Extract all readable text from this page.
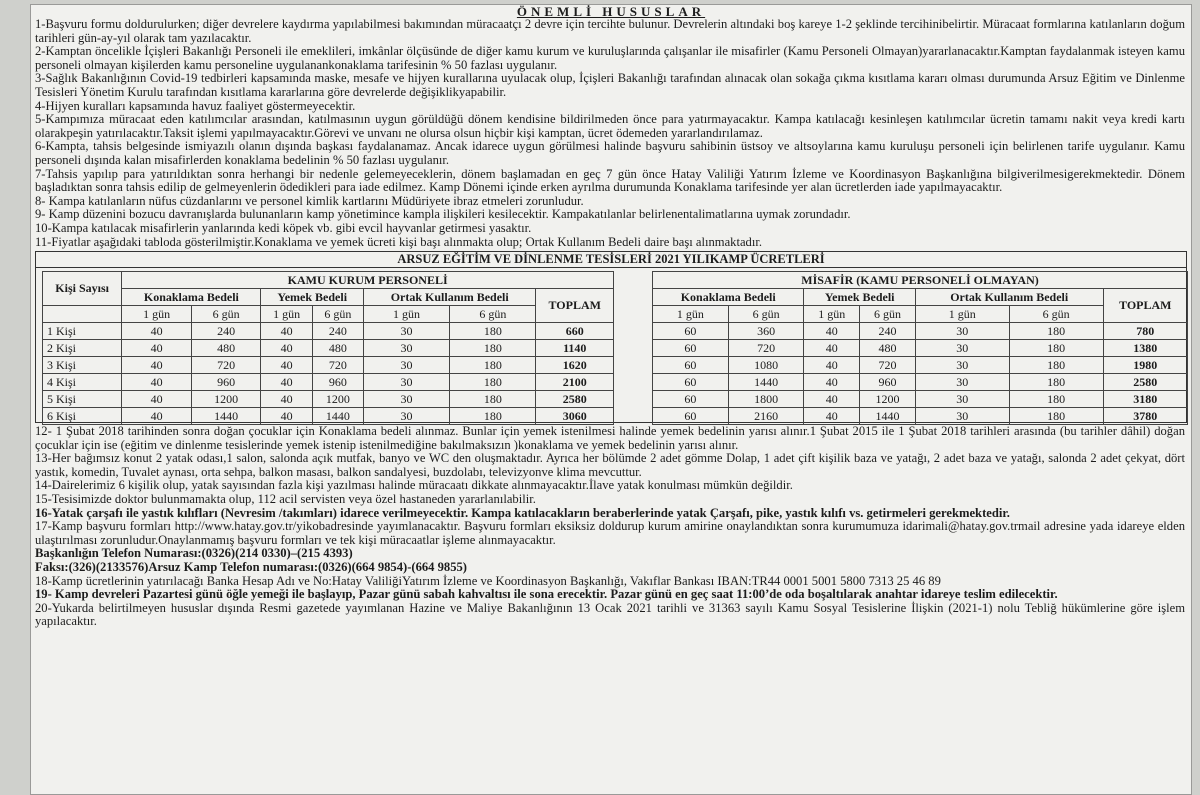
ÖNEMLİ HUSUSLAR
1-Başvuru formu doldurulurken; diğer devrelere kaydırma yapılabilmesi bakımından müracaatçı 2 devre için tercihte bulunur. Devrelerin altındaki boş kareye 1-2 şeklinde tercihinibelirtir. Müracaat formlarına katılanların doğum tarihleri gün-ay-yıl olarak tam yazılacaktır.
2-Kamptan öncelikle İçişleri Bakanlığı Personeli ile emeklileri, imkânlar ölçüsünde de diğer kamu kurum ve kuruluşlarında çalışanlar ile misafirler (Kamu Personeli Olmayan)yararlanacaktır.Kamptan faydalanmak isteyen kamu personeli olmayan kişilerden kamu personeline uygulanankonaklama tarifesinin % 50 fazlası uygulanır.
3-Sağlık Bakanlığının Covid-19 tedbirleri kapsamında maske, mesafe ve hijyen kurallarına uyulacak olup, İçişleri Bakanlığı tarafından alınacak olan sokağa çıkma kısıtlama kararı olması durumunda Arsuz Eğitim ve Dinlenme Tesisleri Yönetim Kurulu tarafından kısıtlama kararlarına göre devrelerde değişiklikyapabilir.
4-Hijyen kuralları kapsamında havuz faaliyet göstermeyecektir.
5-Kampımıza müracaat eden katılımcılar arasından, katılmasının uygun görüldüğü dönem kendisine bildirilmeden önce para yatırmayacaktır. Kampa katılacağı kesinleşen katılımcılar ücretin tamamı nakit veya kredi kartı olarakpeşin yatırılacaktır.Taksit işlemi yapılmayacaktır.Görevi ve unvanı ne olursa olsun hiçbir kişi kamptan, ücret ödemeden yararlandırılamaz.
6-Kampta, tahsis belgesinde ismiyazılı olanın dışında başkası faydalanamaz. Ancak idarece uygun görülmesi halinde başvuru sahibinin üstsoy ve altsoylarına kamu kuruluşu personeli için belirlenen tarife uygulanır. Kamu personeli dışında kalan misafirlerden konaklama bedelinin % 50 fazlası uygulanır.
7-Tahsis yapılıp para yatırıldıktan sonra herhangi bir nedenle gelemeyeceklerin, dönem başlamadan en geç 7 gün önce Hatay Valiliği Yatırım İzleme ve Koordinasyon Başkanlığına bilgiverilmesigerekmektedir. Dönem başladıktan sonra tahsis edilip de gelmeyenlerin ödedikleri para iade edilmez. Kamp Dönemi içinde erken ayrılma durumunda Konaklama tarifesinde yer alan ücretlerden iade yapılmayacaktır.
8- Kampa katılanların nüfus cüzdanlarını ve personel kimlik kartlarını Müdüriyete ibraz etmeleri zorunludur.
9- Kamp düzenini bozucu davranışlarda bulunanların kamp yönetimince kampla ilişkileri kesilecektir. Kampakatılanlar belirlenentalimatlarına uymak zorundadır.
10-Kampa katılacak misafirlerin yanlarında kedi köpek vb. gibi evcil hayvanlar getirmesi yasaktır.
11-Fiyatlar aşağıdaki tabloda gösterilmiştir.Konaklama ve yemek ücreti kişi başı alınmakta olup; Ortak Kullanım Bedeli daire başı alınmaktadır.
ARSUZ EĞİTİM VE DİNLENME TESİSLERİ 2021 YILIKAMP ÜCRETLERİ
Kişi Sayısı	KAMU KURUM PERSONELİ						
	Konaklama Bedeli		Yemek Bedeli		Ortak Kullanım Bedeli		TOPLAM
	1 gün	6 gün	1 gün	6 gün	1 gün	6 gün	
1 Kişi	40	240	40	240	30	180	660
2 Kişi	40	480	40	480	30	180	1140
3 Kişi	40	720	40	720	30	180	1620
4 Kişi	40	960	40	960	30	180	2100
5 Kişi	40	1200	40	1200	30	180	2580
6 Kişi	40	1440	40	1440	30	180	3060
MİSAFİR (KAMU PERSONELİ OLMAYAN)						
Konaklama Bedeli		Yemek Bedeli		Ortak Kullanım Bedeli		TOPLAM
1 gün	6 gün	1 gün	6 gün	1 gün	6 gün	
60	360	40	240	30	180	780
60	720	40	480	30	180	1380
60	1080	40	720	30	180	1980
60	1440	40	960	30	180	2580
60	1800	40	1200	30	180	3180
60	2160	40	1440	30	180	3780
12- 1 Şubat 2018 tarihinden sonra doğan çocuklar için Konaklama bedeli alınmaz. Bunlar için yemek istenilmesi halinde yemek bedelinin yarısı alınır.1 Şubat 2015 ile 1 Şubat 2018 tarihleri arasında (bu tarihler dâhil) doğan çocuklar için ise (eğitim ve dinlenme tesislerinde yemek istenip istenilmediğine bakılmaksızın )konaklama ve yemek bedelinin yarısı alınır.
13-Her bağımsız konut 2 yatak odası,1 salon, salonda açık mutfak, banyo ve WC den oluşmaktadır. Ayrıca her bölümde 2 adet gömme Dolap, 1 adet çift kişilik baza ve yatağı, 2 adet baza ve yatağı, salonda 2 adet çekyat, dört yastık, komedin, Tuvalet aynası, orta sehpa, balkon masası, balkon sandalyesi, buzdolabı, televizyonve klima mevcuttur.
14-Dairelerimiz 6 kişilik olup, yatak sayısından fazla kişi yazılması halinde müracaatı dikkate alınmayacaktır.İlave yatak konulması mümkün değildir.
15-Tesisimizde doktor bulunmamakta olup, 112 acil servisten veya özel hastaneden yararlanılabilir.
16-Yatak çarşafı ile yastık kılıfları (Nevresim /takımları) idarece verilmeyecektir. Kampa katılacakların beraberlerinde yatak Çarşafı, pike, yastık kılıfı vs. getirmeleri gerekmektedir.
17-Kamp başvuru formları http://www.hatay.gov.tr/yikobadresinde yayımlanacaktır. Başvuru formları eksiksiz doldurup kurum amirine onaylandıktan sonra kurumumuza idarimali@hatay.gov.trmail adresine yada idareye elden ulaştırılması zorunludur.Onaylanmamış başvuru formları ve tek kişi müracaatlar işleme alınmayacaktır.
Başkanlığın Telefon Numarası:(0326)(214 0330)–(215 4393)
Faksı:(326)(2133576)Arsuz Kamp Telefon numarası:(0326)(664 9854)-(664 9855)
18-Kamp ücretlerinin yatırılacağı Banka Hesap Adı ve No:Hatay ValiliğiYatırım İzleme ve Koordinasyon Başkanlığı, Vakıflar Bankası IBAN:TR44 0001 5001 5800 7313 25 46 89
19- Kamp devreleri Pazartesi günü öğle yemeği ile başlayıp, Pazar günü sabah kahvaltısı ile sona erecektir. Pazar günü en geç saat 11:00’de oda boşaltılarak anahtar idareye teslim edilecektir.
20-Yukarda belirtilmeyen hususlar dışında Resmi gazetede yayımlanan Hazine ve Maliye Bakanlığının 13 Ocak 2021 tarihli ve 31363 sayılı Kamu Sosyal Tesislerine İlişkin (2021-1) nolu Tebliğ hükümlerine göre işlem yapılacaktır.
